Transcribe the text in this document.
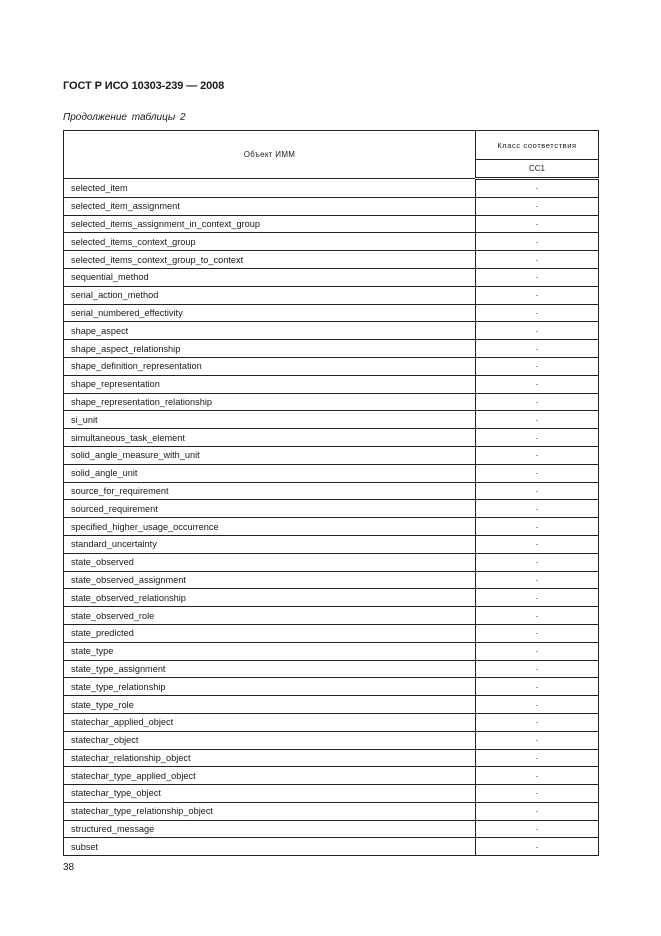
ГОСТ Р ИСО 10303-239 — 2008
Продолжение таблицы 2
Объект ИММ	Класс соответствия
	CC1
selected_item	·
selected_item_assignment	·
selected_items_assignment_in_context_group	·
selected_items_context_group	·
selected_items_context_group_to_context	·
sequential_method	·
serial_action_method	·
serial_numbered_effectivity	·
shape_aspect	·
shape_aspect_relationship	·
shape_definition_representation	·
shape_representation	·
shape_representation_relationship	·
si_unit	·
simultaneous_task_element	·
solid_angle_measure_with_unit	·
solid_angle_unit	·
source_for_requirement	·
sourced_requirement	·
specified_higher_usage_occurrence	·
standard_uncertainty	·
state_observed	·
state_observed_assignment	·
state_observed_relationship	·
state_observed_role	·
state_predicted	·
state_type	·
state_type_assignment	·
state_type_relationship	·
state_type_role	·
statechar_applied_object	·
statechar_object	·
statechar_relationship_object	·
statechar_type_applied_object	·
statechar_type_object	·
statechar_type_relationship_object	·
structured_message	·
subset	·
38
